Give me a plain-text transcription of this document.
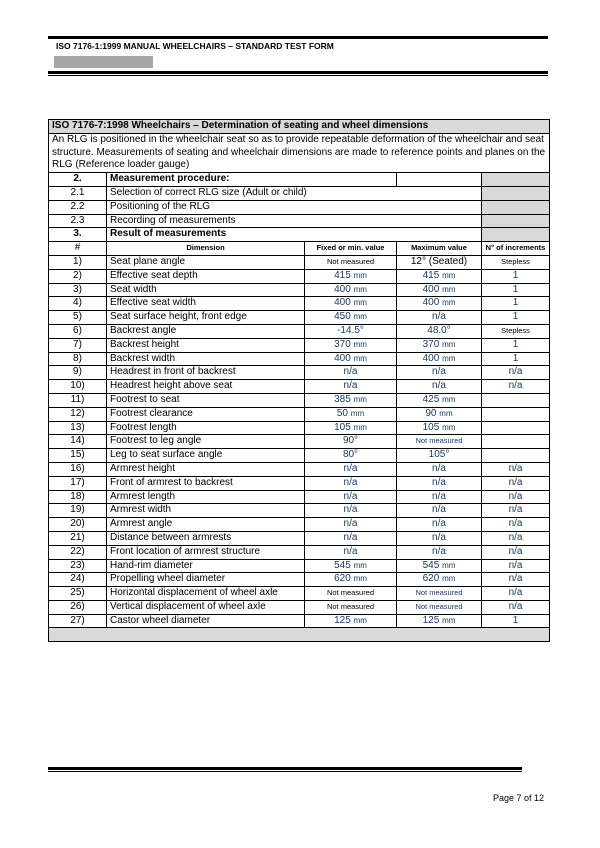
ISO 7176-1:1999 MANUAL WHEELCHAIRS – STANDARD TEST FORM
ISO 7176-7:1998 Wheelchairs – Determination of seating and wheel dimensions				
An RLG is positioned in the wheelchair seat so as to provide repeatable deformation of the wheelchair and seat structure. Measurements of seating and wheelchair dimensions are made to reference points and planes on the RLG (Reference loader gauge)				
2.	Measurement procedure:			
2.1	Selection of correct RLG size (Adult or child)			
2.2	Positioning of the RLG			
2.3	Recording of measurements			
3.	Result of measurements			
#	Dimension	Fixed or min. value	Maximum value	N° of increments
1)	Seat plane angle	Not measured	12° (Seated)	Stepless
2)	Effective seat depth	415 mm	415 mm	1
3)	Seat width	400 mm	400 mm	1
4)	Effective seat width	400 mm	400 mm	1
5)	Seat surface height, front edge	450 mm	n/a	1
6)	Backrest angle	-14.5°	48.0°	Stepless
7)	Backrest height	370 mm	370 mm	1
8)	Backrest width	400 mm	400 mm	1
9)	Headrest in front of backrest	n/a	n/a	n/a
10)	Headrest height above seat	n/a	n/a	n/a
11)	Footrest to seat	385 mm	425 mm	
12)	Footrest clearance	50 mm	90 mm	
13)	Footrest length	105 mm	105 mm	
14)	Footrest to leg angle	90°	Not measured	
15)	Leg to seat surface angle	80°	105°	
16)	Armrest height	n/a	n/a	n/a
17)	Front of armrest to backrest	n/a	n/a	n/a
18)	Armrest length	n/a	n/a	n/a
19)	Armrest width	n/a	n/a	n/a
20)	Armrest angle	n/a	n/a	n/a
21)	Distance between armrests	n/a	n/a	n/a
22)	Front location of armrest structure	n/a	n/a	n/a
23)	Hand-rim diameter	545 mm	545 mm	n/a
24)	Propelling wheel diameter	620 mm	620 mm	n/a
25)	Horizontal displacement of wheel axle	Not measured	Not measured	n/a
26)	Vertical displacement of wheel axle	Not measured	Not measured	n/a
27)	Castor wheel diameter	125 mm	125 mm	1

Page 7 of 12
